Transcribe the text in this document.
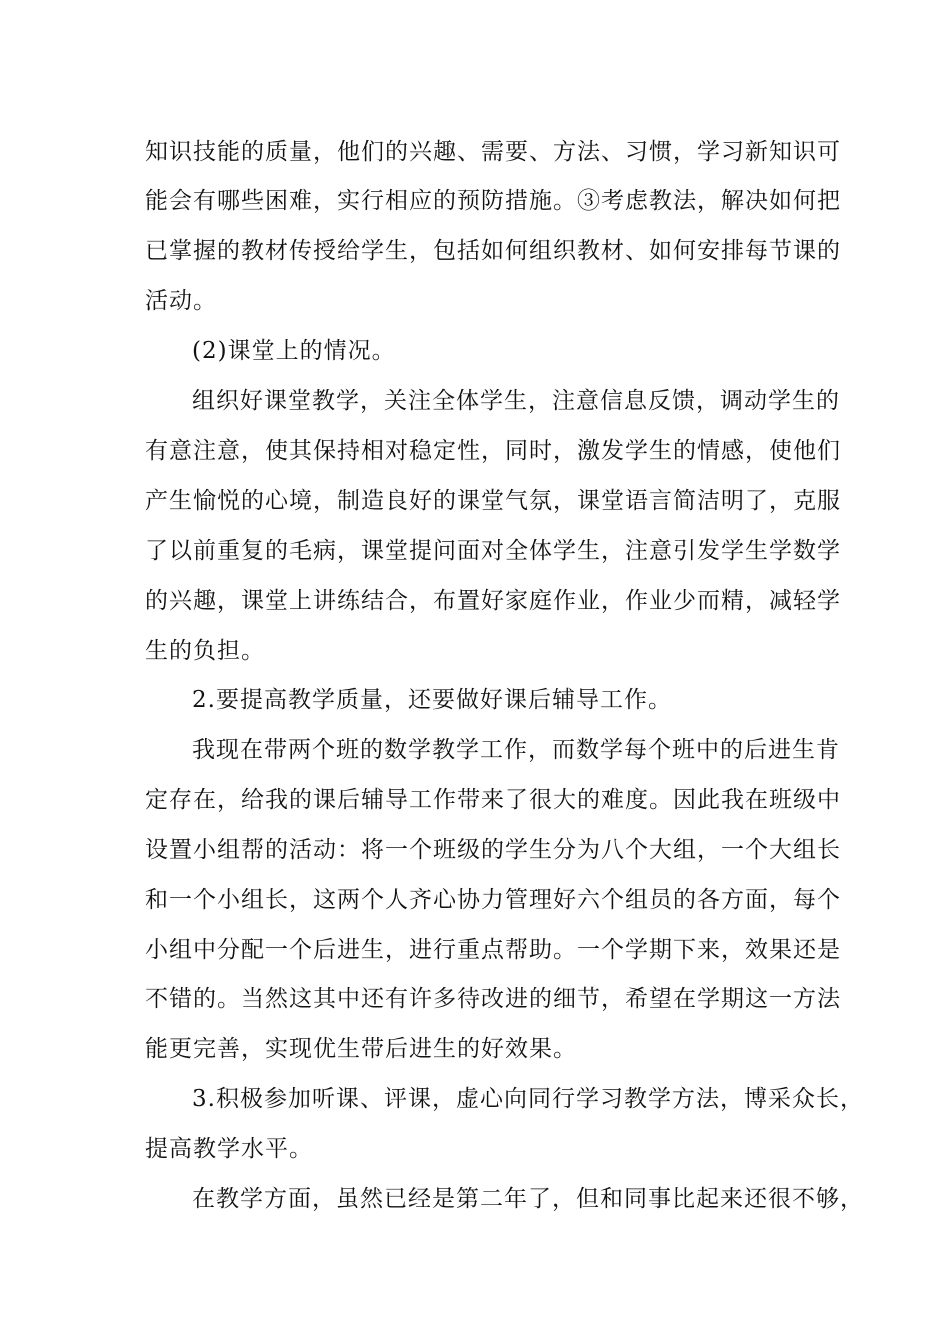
知识技能的质量，他们的兴趣、需要、方法、习惯，学习新知识可
能会有哪些困难，实行相应的预防措施。③考虑教法，解决如何把
已掌握的教材传授给学生，包括如何组织教材、如何安排每节课的
活动。
(2)课堂上的情况。
组织好课堂教学，关注全体学生，注意信息反馈，调动学生的
有意注意，使其保持相对稳定性，同时，激发学生的情感，使他们
产生愉悦的心境，制造良好的课堂气氛，课堂语言简洁明了，克服
了以前重复的毛病，课堂提问面对全体学生，注意引发学生学数学
的兴趣，课堂上讲练结合，布置好家庭作业，作业少而精，减轻学
生的负担。
2.要提高教学质量，还要做好课后辅导工作。
我现在带两个班的数学教学工作，而数学每个班中的后进生肯
定存在，给我的课后辅导工作带来了很大的难度。因此我在班级中
设置小组帮的活动：将一个班级的学生分为八个大组，一个大组长
和一个小组长，这两个人齐心协力管理好六个组员的各方面，每个
小组中分配一个后进生，进行重点帮助。一个学期下来，效果还是
不错的。当然这其中还有许多待改进的细节，希望在学期这一方法
能更完善，实现优生带后进生的好效果。
3.积极参加听课、评课，虚心向同行学习教学方法，博采众长，
提高教学水平。
在教学方面，虽然已经是第二年了，但和同事比起来还很不够，
